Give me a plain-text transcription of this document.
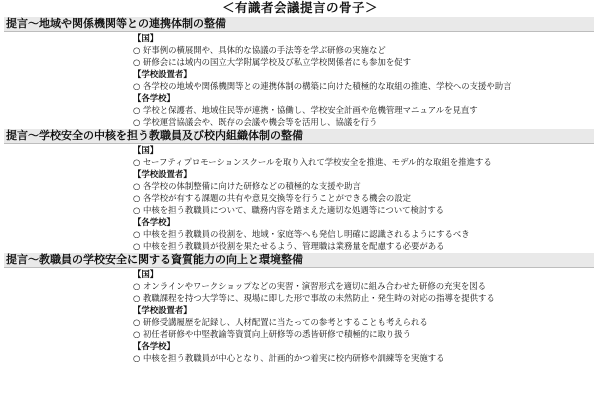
＜有識者会議提言の骨子＞
提言～地域や関係機関等との連携体制の整備
【国】
○ 好事例の横展開や、具体的な協議の手法等を学ぶ研修の実施など
○ 研修会には域内の国立大学附属学校及び私立学校関係者にも参加を促す
【学校設置者】
○ 各学校の地域や関係機関等との連携体制の構築に向けた積極的な取組の推進、学校への支援や助言
【各学校】
○ 学校と保護者、地域住民等が連携・協働し、学校安全計画や危機管理マニュアルを見直す
○ 学校運営協議会や、既存の会議や機会等を活用し、協議を行う
提言～学校安全の中核を担う教職員及び校内組織体制の整備
【国】
○ セーフティプロモーションスクールを取り入れて学校安全を推進、モデル的な取組を推進する
【学校設置者】
○ 各学校の体制整備に向けた研修などの積極的な支援や助言
○ 各学校が有する課題の共有や意見交換等を行うことができる機会の設定
○ 中核を担う教職員について、職務内容を踏まえた適切な処遇等について検討する
【各学校】
○ 中核を担う教職員の役割を、地域・家庭等へも発信し明確に認識されるようにするべき
○ 中核を担う教職員が役割を果たせるよう、管理職は業務量を配慮する必要がある
提言～教職員の学校安全に関する資質能力の向上と環境整備
【国】
○ オンラインやワークショップなどの実習・演習形式を適切に組み合わせた研修の充実を図る
○ 教職課程を持つ大学等に、現場に即した形で事故の未然防止・発生時の対応の指導を提供する
【学校設置者】
○ 研修受講履歴を記録し、人材配置に当たっての参考とすることも考えられる
○ 初任者研修や中堅教諭等資質向上研修等の悉皆研修で積極的に取り扱う
【各学校】
○ 中核を担う教職員が中心となり、計画的かつ着実に校内研修や訓練等を実施する
